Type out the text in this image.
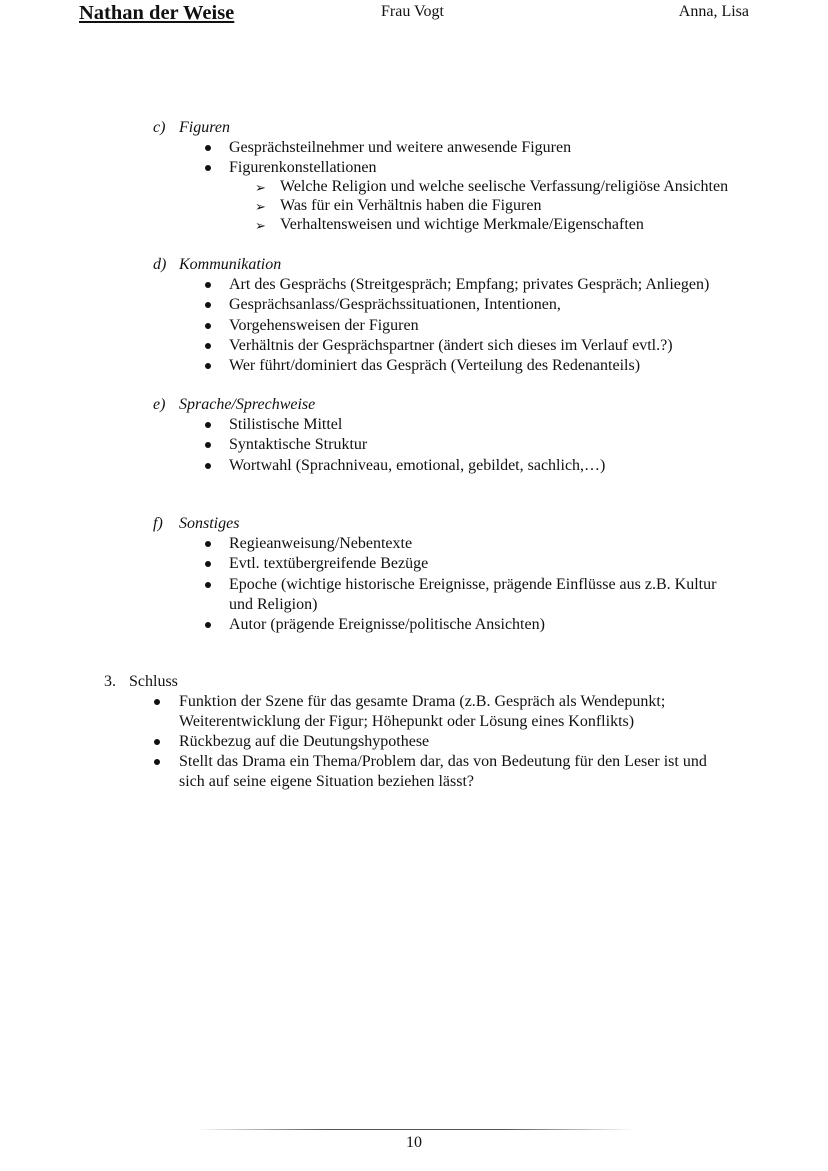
Nathan der Weise	Frau Vogt	Anna, Lisa
c) Figuren
Gesprächsteilnehmer und weitere anwesende Figuren
Figurenkonstellationen
➢ Welche Religion und welche seelische Verfassung/religiöse Ansichten
➢ Was für ein Verhältnis haben die Figuren
➢ Verhaltensweisen und wichtige Merkmale/Eigenschaften
d) Kommunikation
Art des Gesprächs (Streitgespräch; Empfang; privates Gespräch; Anliegen)
Gesprächsanlass/Gesprächssituationen, Intentionen,
Vorgehensweisen der Figuren
Verhältnis der Gesprächspartner (ändert sich dieses im Verlauf evtl.?)
Wer führt/dominiert das Gespräch (Verteilung des Redenanteils)
e) Sprache/Sprechweise
Stilistische Mittel
Syntaktische Struktur
Wortwahl (Sprachniveau, emotional, gebildet, sachlich,…)
f) Sonstiges
Regieanweisung/Nebentexte
Evtl. textübergreifende Bezüge
Epoche (wichtige historische Ereignisse, prägende Einflüsse aus z.B. Kultur
und Religion)
Autor (prägende Ereignisse/politische Ansichten)
3. Schluss
Funktion der Szene für das gesamte Drama (z.B. Gespräch als Wendepunkt;
Weiterentwicklung der Figur; Höhepunkt oder Lösung eines Konflikts)
Rückbezug auf die Deutungshypothese
Stellt das Drama ein Thema/Problem dar, das von Bedeutung für den Leser ist und
sich auf seine eigene Situation beziehen lässt?
10
